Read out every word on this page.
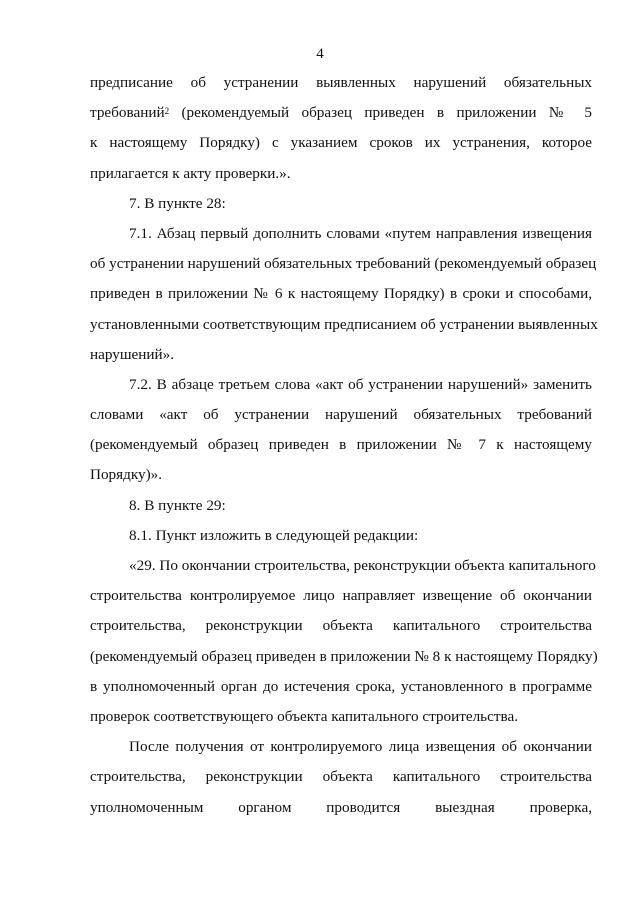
4
предписание об устранении выявленных нарушений обязательных
требований$^2$ (рекомендуемый образец приведен в приложении № 5
к настоящему Порядку) с указанием сроков их устранения, которое
прилагается к акту проверки.».
7. В пункте 28:
7.1. Абзац первый дополнить словами «путем направления извещения
об устранении нарушений обязательных требований (рекомендуемый образец
приведен в приложении № 6 к настоящему Порядку) в сроки и способами,
установленными соответствующим предписанием об устранении выявленных
нарушений».
7.2. В абзаце третьем слова «акт об устранении нарушений» заменить
словами «акт об устранении нарушений обязательных требований
(рекомендуемый образец приведен в приложении № 7 к настоящему
Порядку)».
8. В пункте 29:
8.1. Пункт изложить в следующей редакции:
«29. По окончании строительства, реконструкции объекта капитального
строительства контролируемое лицо направляет извещение об окончании
строительства, реконструкции объекта капитального строительства
(рекомендуемый образец приведен в приложении № 8 к настоящему Порядку)
в уполномоченный орган до истечения срока, установленного в программе
проверок соответствующего объекта капитального строительства.
После получения от контролируемого лица извещения об окончании
строительства, реконструкции объекта капитального строительства
уполномоченным органом проводится выездная проверка,
